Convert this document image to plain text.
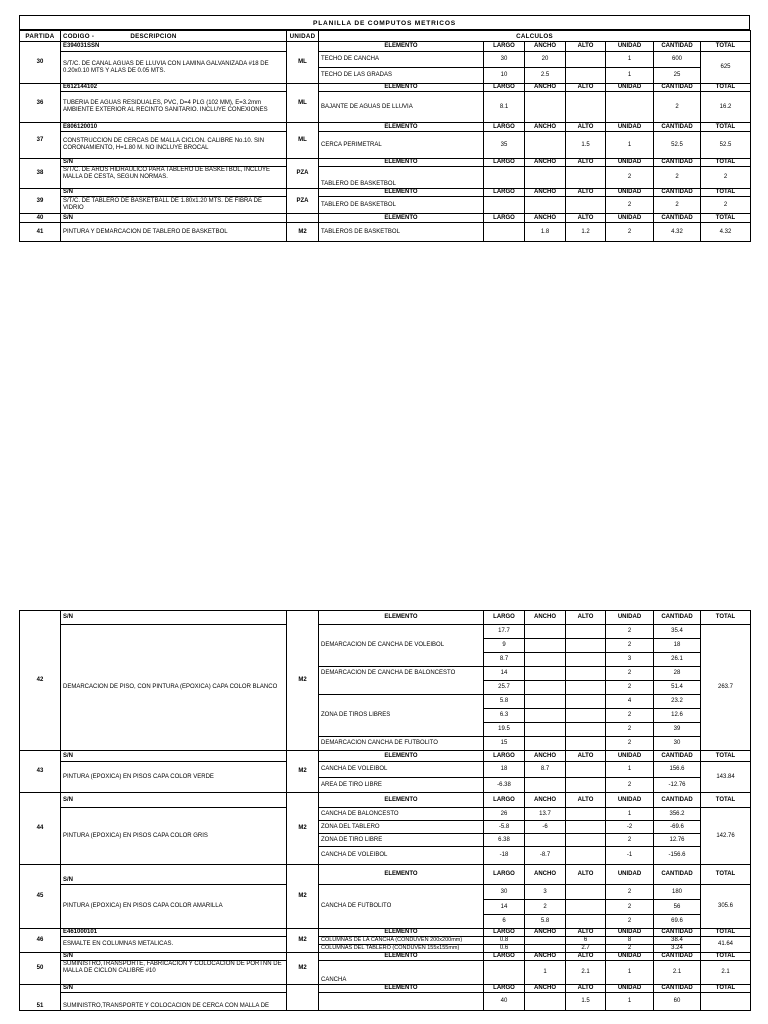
PLANILLA DE COMPUTOS METRICOS
PARTIDA	CODIGO - DESCRIPCION	UNIDAD	CALCULOS						
30	E394031SSN	ML	ELEMENTO	LARGO	ANCHO	ALTO	UNIDAD	CANTIDAD	TOTAL
	S/T/C. DE CANAL AGUAS DE LLUVIA CON LAMINA GALVANIZADA #18 DE 0.20x0.10 MTS Y ALAS DE 0.05 MTS.		TECHO DE CANCHA	30	20		1	600	625
			TECHO DE LAS GRADAS	10	2.5		1	25	
36	E612144102	ML	ELEMENTO	LARGO	ANCHO	ALTO	UNIDAD	CANTIDAD	TOTAL
	TUBERIA DE AGUAS RESIDUALES, PVC, D=4 PLG (102 MM), E=3.2mm AMBIENTE EXTERIOR AL RECINTO SANITARIO. INCLUYE CONEXIONES		BAJANTE DE AGUAS DE LLUVIA	8.1				2	16.2
37	E806120010	ML	ELEMENTO	LARGO	ANCHO	ALTO	UNIDAD	CANTIDAD	TOTAL
	CONSTRUCCION DE CERCAS DE MALLA CICLON. CALIBRE No.10. SIN CORONAMIENTO, H=1.80 M. NO INCLUYE BROCAL		CERCA PERIMETRAL	35		1.5	1	52.5	52.5
38	S/N	PZA	ELEMENTO	LARGO	ANCHO	ALTO	UNIDAD	CANTIDAD	TOTAL
	S/T/C. DE AROS HIDRAULICO PARA TABLERO DE BASKETBOL, INCLUYE MALLA DE CESTA, SEGUN NORMAS.		TABLERO DE BASKETBOL				2	2	2
39	S/N	PZA	ELEMENTO	LARGO	ANCHO	ALTO	UNIDAD	CANTIDAD	TOTAL
	S/T/C. DE TABLERO DE BASKETBALL DE 1.80x1.20 MTS. DE FIBRA DE VIDRIO		TABLERO DE BASKETBOL				2	2	2
40	S/N		ELEMENTO	LARGO	ANCHO	ALTO	UNIDAD	CANTIDAD	TOTAL
41	PINTURA Y DEMARCACION DE TABLERO DE BASKETBOL	M2	TABLEROS DE BASKETBOL		1.8	1.2	2	4.32	4.32
42	S/N	M2	ELEMENTO	LARGO	ANCHO	ALTO	UNIDAD	CANTIDAD	TOTAL
	DEMARCACION DE PISO, CON PINTURA (EPOXICA) CAPA COLOR BLANCO			17.7			2	35.4	263.7
			DEMARCACION DE CANCHA DE VOLEIBOL	9			2	18	
				8.7			3	26.1	
			DEMARCACION DE CANCHA DE BALONCESTO	14			2	28	
				25.7			2	51.4	
				5.8			4	23.2	
			ZONA DE TIROS LIBRES	6.3			2	12.6	
				19.5			2	39	
			DEMARCACION CANCHA DE FUTBOLITO	15			2	30	
43	S/N	M2	ELEMENTO	LARGO	ANCHO	ALTO	UNIDAD	CANTIDAD	TOTAL
	PINTURA (EPOXICA) EN PISOS CAPA COLOR VERDE		CANCHA DE VOLEIBOL	18	8.7		1	156.6	143.84
			AREA DE TIRO LIBRE	-6.38			2	-12.76	
44	S/N	M2	ELEMENTO	LARGO	ANCHO	ALTO	UNIDAD	CANTIDAD	TOTAL
	PINTURA (EPOXICA) EN PISOS CAPA COLOR GRIS		CANCHA DE BALONCESTO	26	13.7		1	356.2	142.76
			ZONA DEL TABLERO	-5.8	-6		-2	-69.6	
			ZONA DE TIRO LIBRE	6.38			2	12.76	
			CANCHA DE VOLEIBOL	-18	-8.7		-1	-156.6	
45	S/N	M2	ELEMENTO	LARGO	ANCHO	ALTO	UNIDAD	CANTIDAD	TOTAL
	PINTURA (EPOXICA) EN PISOS CAPA COLOR AMARILLA		CANCHA DE FUTBOLITO	30	3		2	180	305.6
				14	2		2	56	
				6	5.8		2	69.6	
46	E461000101	M2	ELEMENTO	LARGO	ANCHO	ALTO	UNIDAD	CANTIDAD	TOTAL
	ESMALTE EN COLUMNAS METALICAS.		COLUMNAS DE LA CANCHA (CONDUVEN 200x200mm)	0.8		6	8	38.4	41.64
			COLUMNAS DEL TABLERO (CONDUVEN 155x155mm)	0.6		2.7	2	3.24	
50	S/N	M2	ELEMENTO	LARGO	ANCHO	ALTO	UNIDAD	CANTIDAD	TOTAL
	SUMINISTRO,TRANSPORTE, FABRICACION Y COLOCACION DE PORTNN DE MALLA DE CICLON CALIBRE #10		CANCHA		1	2.1	1	2.1	2.1
51	S/N		ELEMENTO	LARGO	ANCHO	ALTO	UNIDAD	CANTIDAD	TOTAL
	SUMINISTRO,TRANSPORTE Y COLOCACION DE CERCA CON MALLA DE			40		1.5	1	60	
